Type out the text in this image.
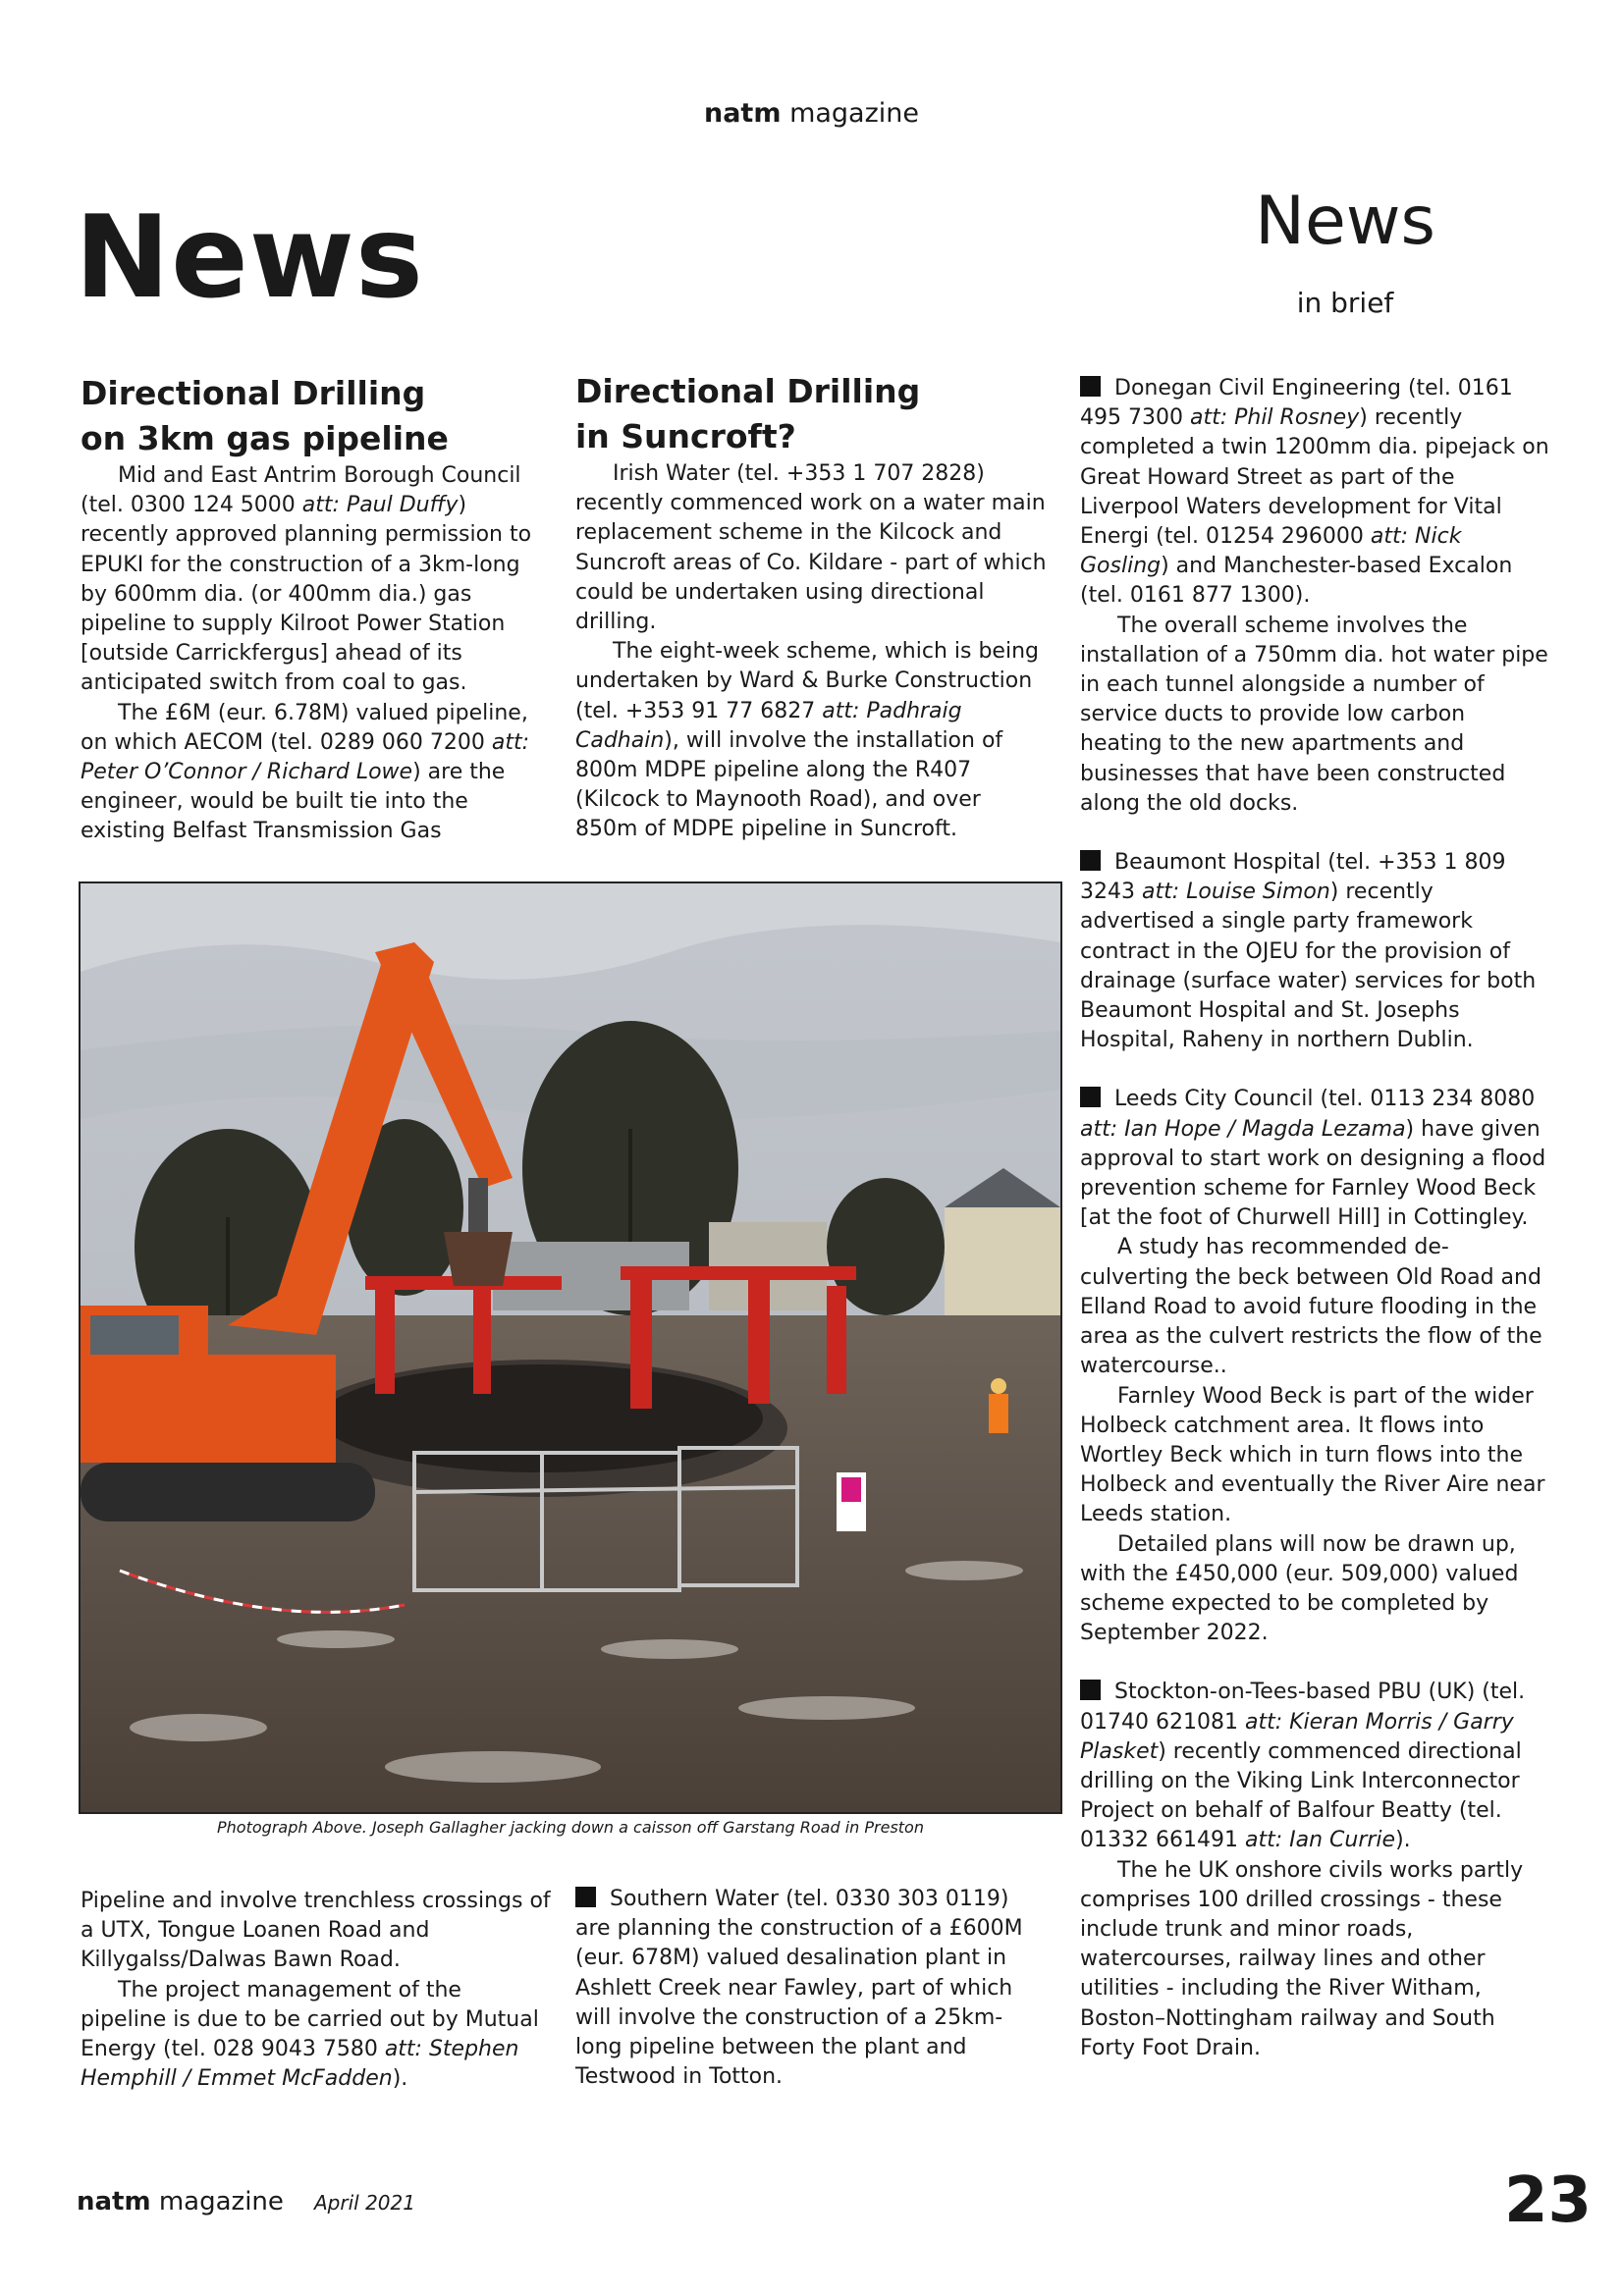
natm magazine
News	News
in brief
Directional Drilling
on 3km gas pipeline

Mid and East Antrim Borough Council (tel. 0300 124 5000 att: Paul Duffy) recently approved planning permission to EPUKI for the construction of a 3km-long by 600mm dia. (or 400mm dia.) gas pipeline to supply Kilroot Power Station [outside Carrickfergus] ahead of its anticipated switch from coal to gas.

The £6M (eur. 6.78M) valued pipeline, on which AECOM (tel. 0289 060 7200 att: Peter O’Connor / Richard Lowe) are the engineer, would be built tie into the existing Belfast Transmission Gas

Directional Drilling
in Suncroft?

Irish Water (tel. +353 1 707 2828) recently commenced work on a water main replacement scheme in the Kilcock and Suncroft areas of Co. Kildare - part of which could be undertaken using directional drilling.

The eight-week scheme, which is being undertaken by Ward & Burke Construction (tel. +353 91 77 6827 att: Padhraig Cadhain), will involve the installation of 800m MDPE pipeline along the R407 (Kilcock to Maynooth Road), and over 850m of MDPE pipeline in Suncroft.

Photograph Above. Joseph Gallagher jacking down a caisson off Garstang Road in Preston

Pipeline and involve trenchless crossings of a UTX, Tongue Loanen Road and Killygalss/Dalwas Bawn Road.

The project management of the pipeline is due to be carried out by Mutual Energy (tel. 028 9043 7580 att: Stephen Hemphill / Emmet McFadden).

Southern Water (tel. 0330 303 0119) are planning the construction of a £600M (eur. 678M) valued desalination plant in Ashlett Creek near Fawley, part of which will involve the construction of a 25km-long pipeline between the plant and Testwood in Totton.

Donegan Civil Engineering (tel. 0161 495 7300 att: Phil Rosney) recently completed a twin 1200mm dia. pipejack on Great Howard Street as part of the Liverpool Waters development for Vital Energi (tel. 01254 296000 att: Nick Gosling) and Manchester-based Excalon (tel. 0161 877 1300).

The overall scheme involves the installation of a 750mm dia. hot water pipe in each tunnel alongside a number of service ducts to provide low carbon heating to the new apartments and businesses that have been constructed along the old docks.

Beaumont Hospital (tel. +353 1 809 3243 att: Louise Simon) recently advertised a single party framework contract in the OJEU for the provision of drainage (surface water) services for both Beaumont Hospital and St. Josephs Hospital, Raheny in northern Dublin.

Leeds City Council (tel. 0113 234 8080 att: Ian Hope / Magda Lezama) have given approval to start work on designing a flood prevention scheme for Farnley Wood Beck [at the foot of Churwell Hill] in Cottingley.

A study has recommended de-culverting the beck between Old Road and Elland Road to avoid future flooding in the area as the culvert restricts the flow of the watercourse..

Farnley Wood Beck is part of the wider Holbeck catchment area. It flows into Wortley Beck which in turn flows into the Holbeck and eventually the River Aire near Leeds station.

Detailed plans will now be drawn up, with the £450,000 (eur. 509,000) valued scheme expected to be completed by September 2022.

Stockton-on-Tees-based PBU (UK) (tel. 01740 621081 att: Kieran Morris / Garry Plasket) recently commenced directional drilling on the Viking Link Interconnector Project on behalf of Balfour Beatty (tel. 01332 661491 att: Ian Currie).

The he UK onshore civils works partly comprises 100 drilled crossings - these include trunk and minor roads, watercourses, railway lines and other utilities - including the River Witham, Boston–Nottingham railway and South Forty Foot Drain.

natm magazine April 2021	23
